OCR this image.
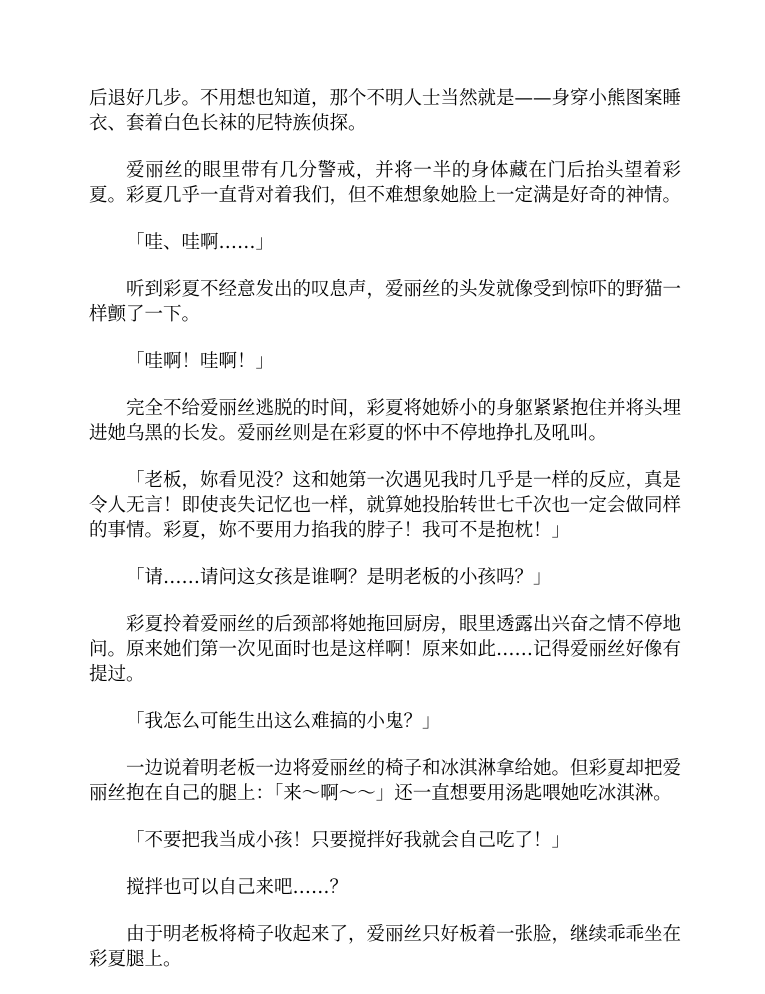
后退好几步。不用想也知道，那个不明人士当然就是——身穿小熊图案睡衣、套着白色长袜的尼特族侦探。

爱丽丝的眼里带有几分警戒，并将一半的身体藏在门后抬头望着彩夏。彩夏几乎一直背对着我们，但不难想象她脸上一定满是好奇的神情。

「哇、哇啊……」

听到彩夏不经意发出的叹息声，爱丽丝的头发就像受到惊吓的野猫一样颤了一下。

「哇啊！哇啊！」

完全不给爱丽丝逃脱的时间，彩夏将她娇小的身躯紧紧抱住并将头埋进她乌黑的长发。爱丽丝则是在彩夏的怀中不停地挣扎及吼叫。

「老板，妳看见没？这和她第一次遇见我时几乎是一样的反应，真是令人无言！即使丧失记忆也一样，就算她投胎转世七千次也一定会做同样的事情。彩夏，妳不要用力掐我的脖子！我可不是抱枕！」

「请……请问这女孩是谁啊？是明老板的小孩吗？」

彩夏拎着爱丽丝的后颈部将她拖回厨房，眼里透露出兴奋之情不停地问。原来她们第一次见面时也是这样啊！原来如此……记得爱丽丝好像有提过。

「我怎么可能生出这么难搞的小鬼？」

一边说着明老板一边将爱丽丝的椅子和冰淇淋拿给她。但彩夏却把爱丽丝抱在自己的腿上：「来～啊～～」还一直想要用汤匙喂她吃冰淇淋。

「不要把我当成小孩！只要搅拌好我就会自己吃了！」

搅拌也可以自己来吧……？

由于明老板将椅子收起来了，爱丽丝只好板着一张脸，继续乖乖坐在彩夏腿上。
